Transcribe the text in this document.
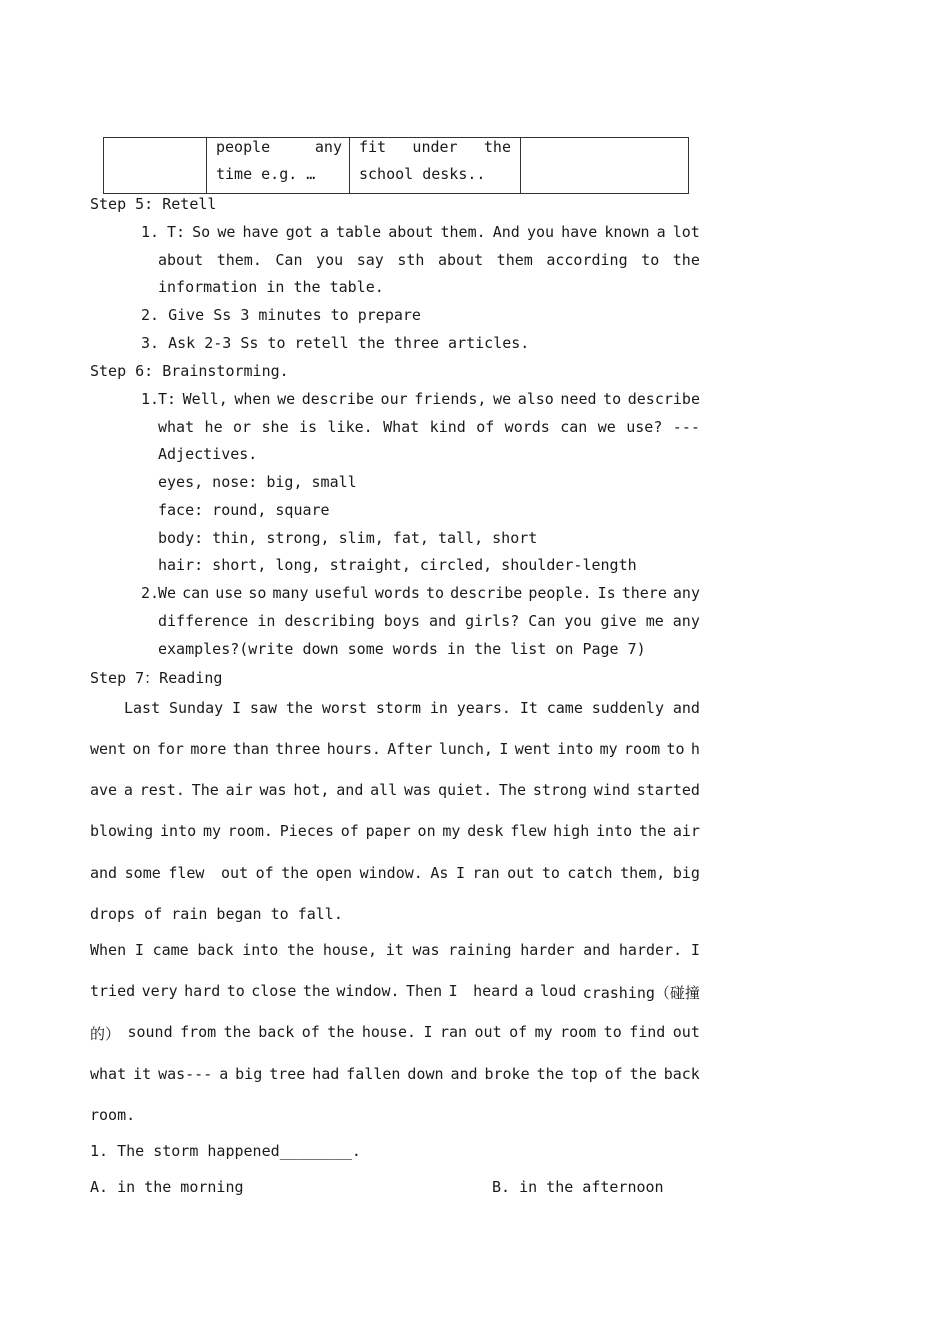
people	any
time e.g. …
fit under the
school desks..
Step 5: Retell
1. T: So we have got a table about them. And you have known a lot
about them. Can you say sth about them according to the
information in the table.
2. Give Ss 3 minutes to prepare
3. Ask 2-3 Ss to retell the three articles.
Step 6: Brainstorming.
1.
T: Well, when we describe our friends, we also need to describe
what he or she is like. What kind of words can we use? ---
Adjectives.
eyes, nose: big, small
face: round, square
body: thin, strong, slim, fat, tall, short
hair: short, long, straight, circled, shoulder-length
2.
We can use so many useful words to describe people. Is there any
difference in describing boys and girls? Can you give me any
examples?(write down some words in the list on Page 7)
Step 7：Reading
Last Sunday I saw the worst storm in years. It came suddenly and
went on for more than three hours. After lunch, I went into my room to h
ave a rest. The air was hot, and all was quiet. The strong wind started
blowing into my room. Pieces of paper on my desk flew high into the air
and some flew out of the open window. As I ran out to catch them, big
drops of rain began to fall.
When I came back into the house, it was raining harder and harder. I
tried very hard to close the window. Then I heard a loud crashing（碰撞
的） sound from the back of the house. I ran out of my room to find out
what it was--- a big tree had fallen down and broke the top of the back
room.
1. The storm happened________.
A. in the morning	B. in the afternoon
